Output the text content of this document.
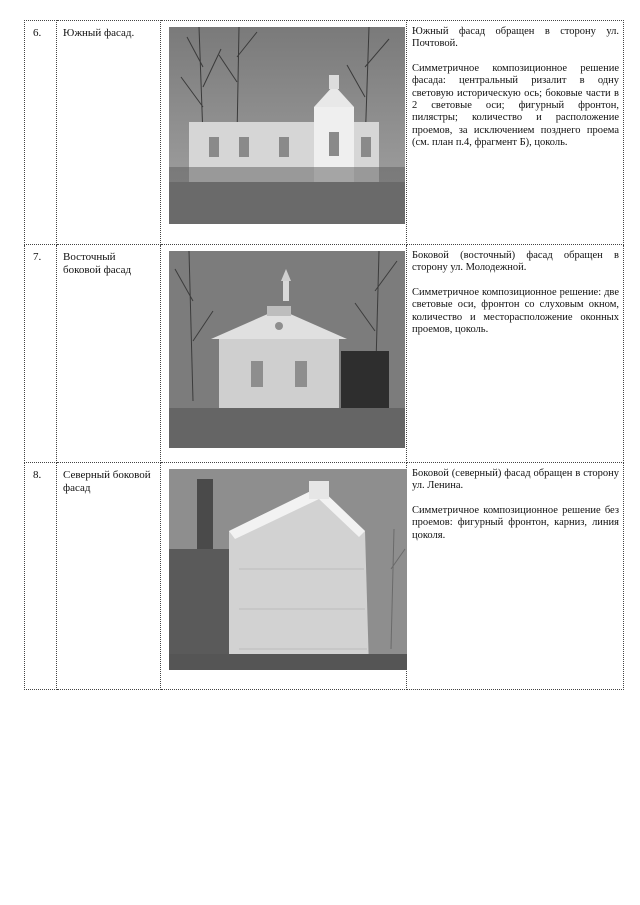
6.	Южный фасад.		Южный фасад обращен в сторону ул. Почтовой.

Симметричное композиционное решение фасада: центральный ризалит в одну световую историческую ось; боковые части в 2 световые оси; фигурный фронтон, пилястры; количество и расположение проемов, за исключением позднего проема (см. план п.4, фрагмент Б), цоколь.

7.	Восточный боковой фасад		Боковой (восточный) фасад обращен в сторону ул. Молодежной.

Симметричное композиционное решение: две световые оси, фронтон со слуховым окном, количество и месторасположение оконных проемов, цоколь.

8.	Северный боковой фасад		Боковой (северный) фасад обращен в сторону ул. Ленина.

Симметричное композиционное решение без проемов: фигурный фронтон, карниз, линия цоколя.
